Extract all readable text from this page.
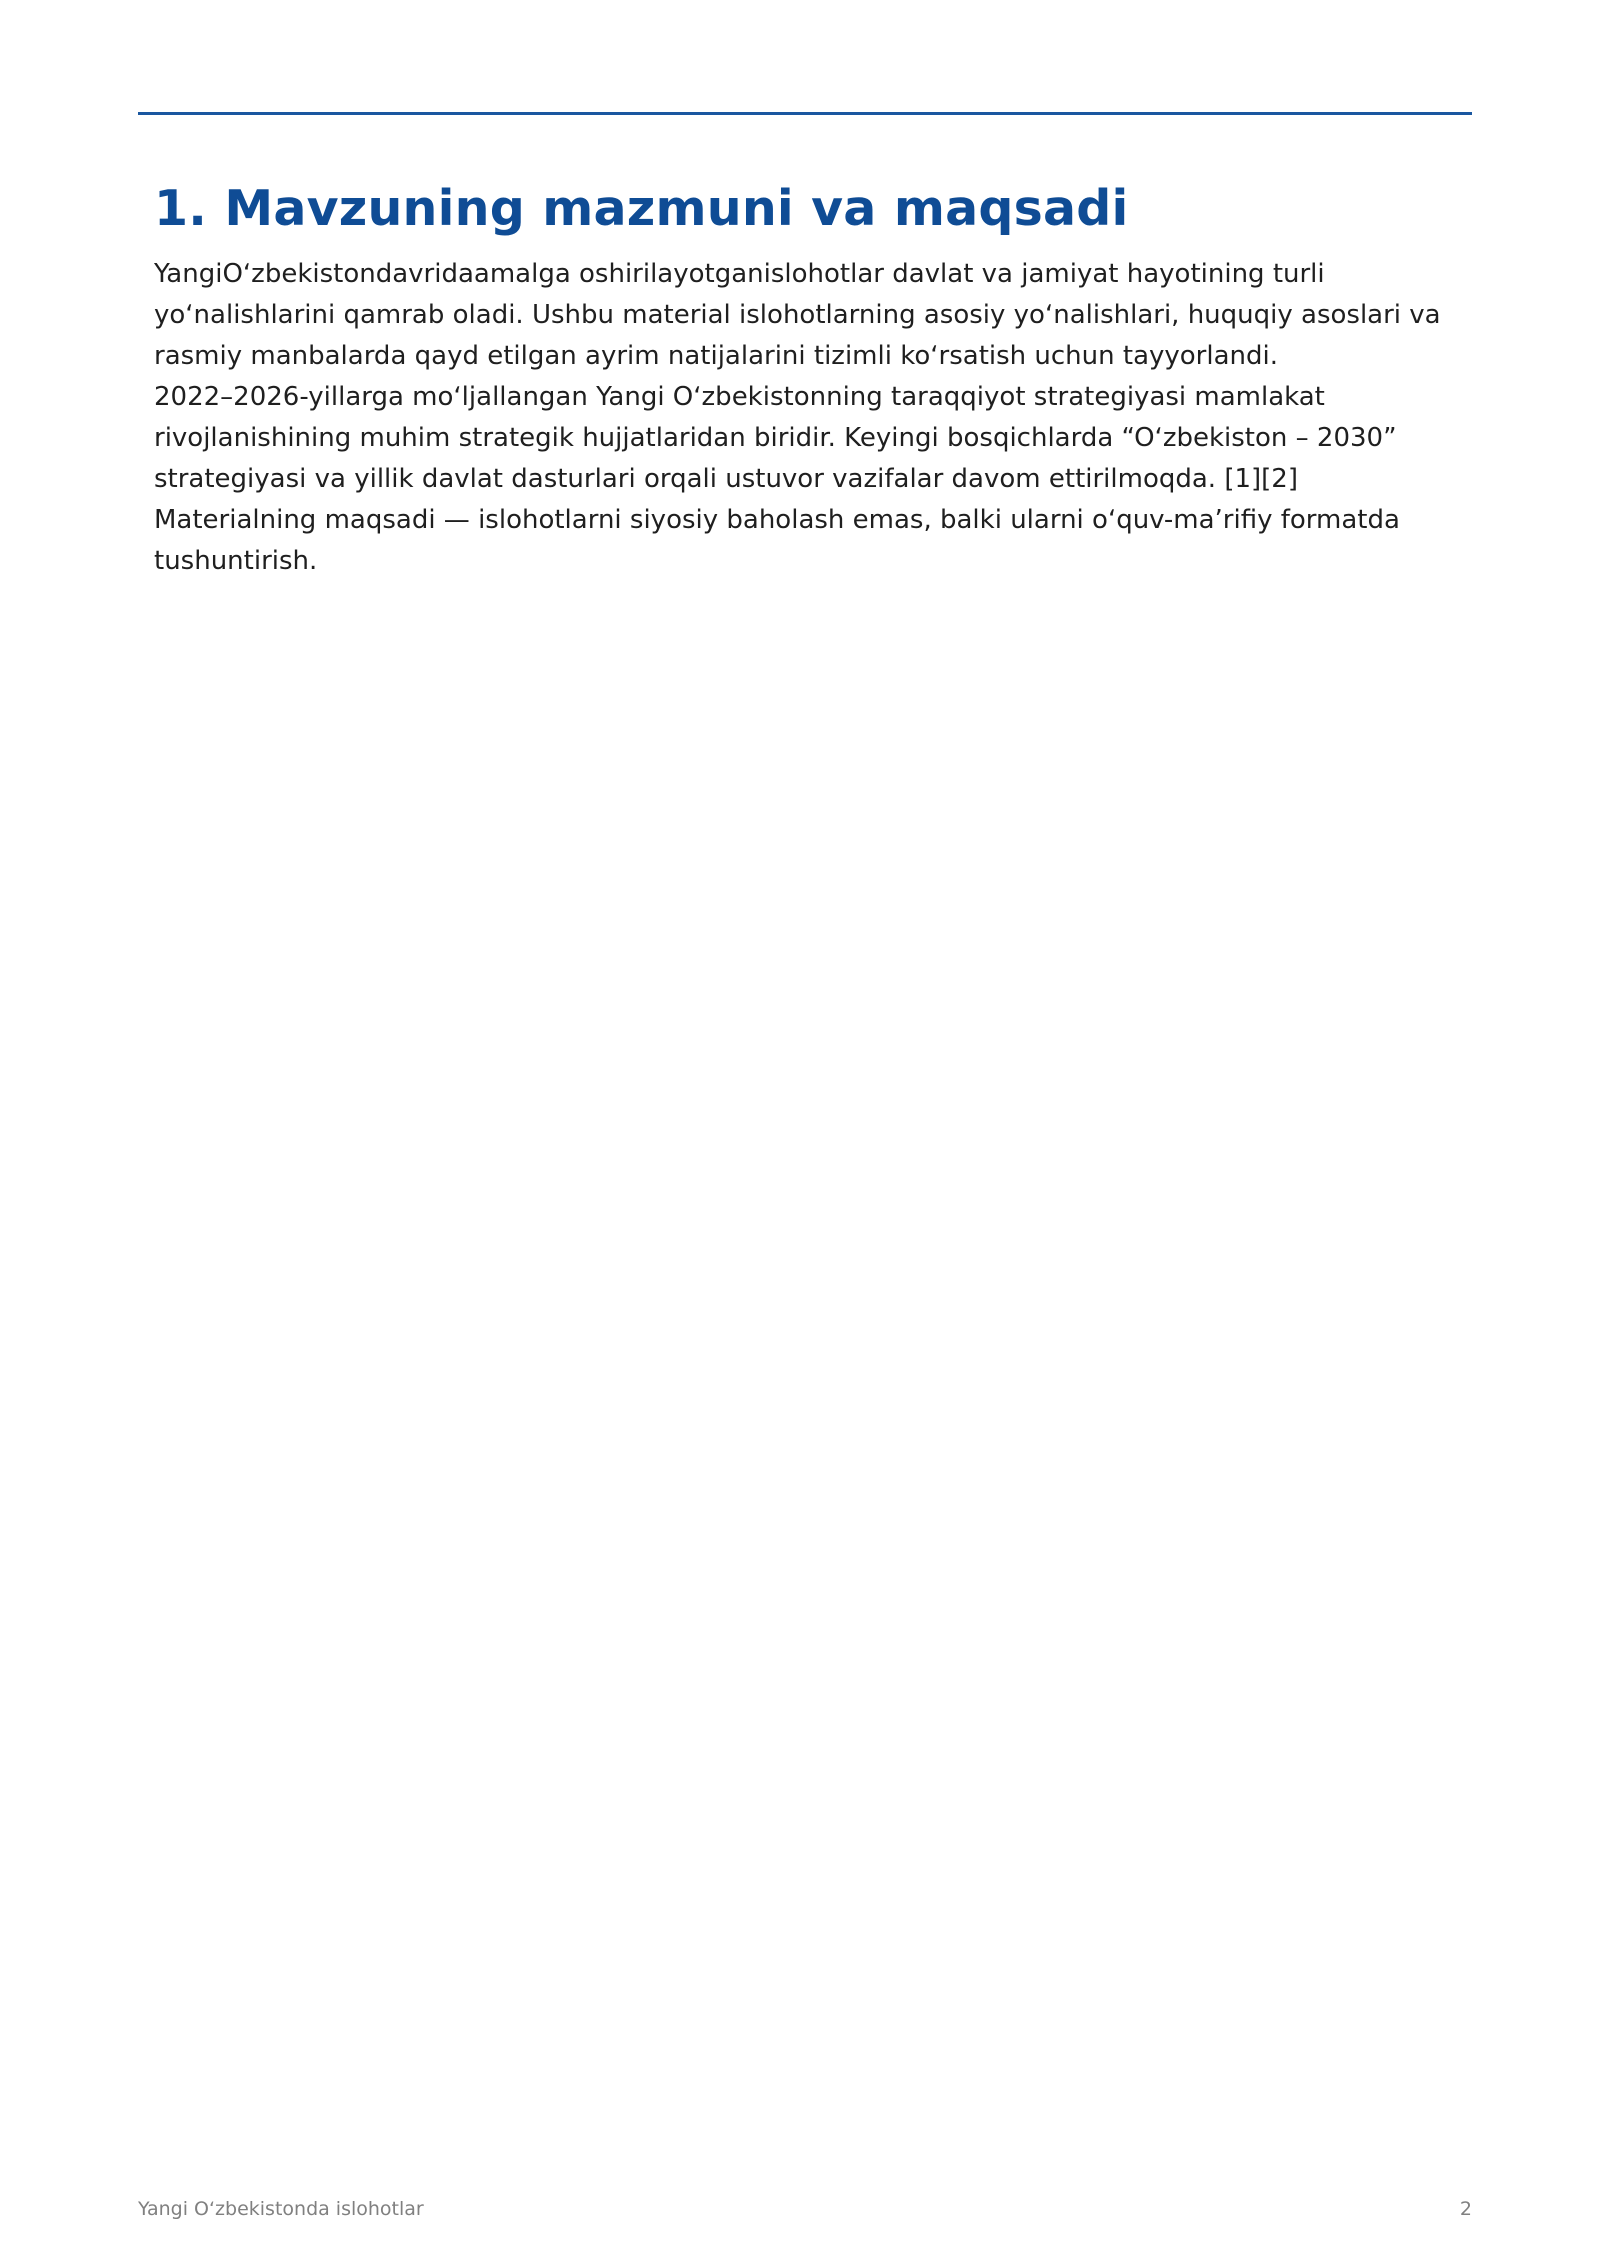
1. Mavzuning mazmuni va maqsadi

YangiOʻzbekistondavridaamalga oshirilayotganislohotlar davlat va jamiyat hayotining turli yoʻnalishlarini qamrab oladi. Ushbu material islohotlarning asosiy yoʻnalishlari, huquqiy asoslari va rasmiy manbalarda qayd etilgan ayrim natijalarini tizimli koʻrsatish uchun tayyorlandi.

2022–2026-yillarga moʻljallangan Yangi Oʻzbekistonning taraqqiyot strategiyasi mamlakat rivojlanishining muhim strategik hujjatlaridan biridir. Keyingi bosqichlarda “Oʻzbekiston – 2030” strategiyasi va yillik davlat dasturlari orqali ustuvor vazifalar davom ettirilmoqda. [1][2]

Materialning maqsadi — islohotlarni siyosiy baholash emas, balki ularni oʻquv-maʼrifiy formatda tushuntirish.

Yangi Oʻzbekistonda islohotlar	2
